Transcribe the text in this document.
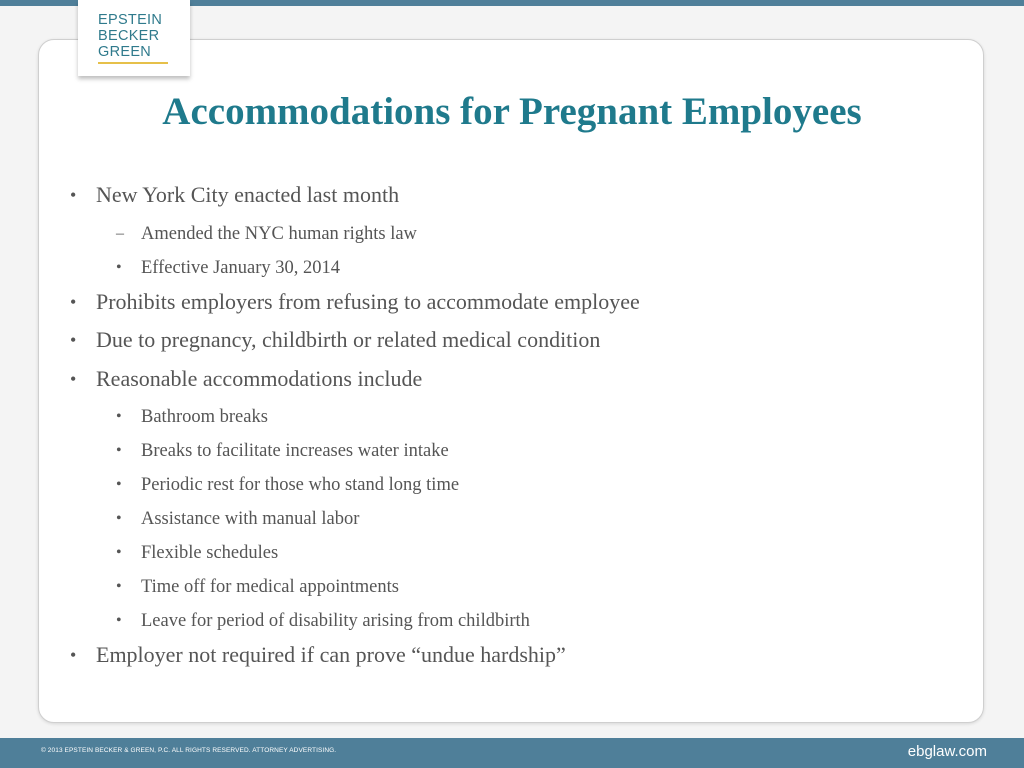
EPSTEIN
BECKER
GREEN
Accommodations for Pregnant Employees
• New York City enacted last month
– Amended the NYC human rights law
• Effective January 30, 2014
• Prohibits employers from refusing to accommodate employee
• Due to pregnancy, childbirth or related medical condition
• Reasonable accommodations include
• Bathroom breaks
• Breaks to facilitate increases water intake
• Periodic rest for those who stand long time
• Assistance with manual labor
• Flexible schedules
• Time off for medical appointments
• Leave for period of disability arising from childbirth
• Employer not required if can prove “undue hardship”
© 2013 EPSTEIN BECKER & GREEN, P.C. ALL RIGHTS RESERVED. ATTORNEY ADVERTISING.	ebglaw.com
